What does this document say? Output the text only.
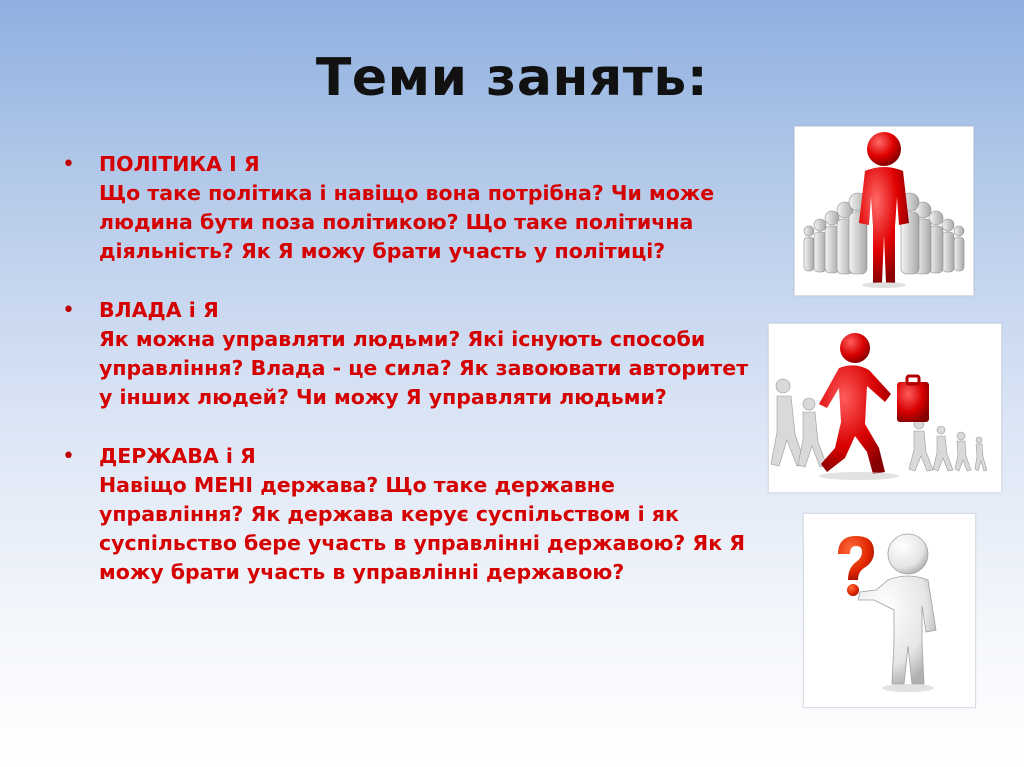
Теми занять:
• ПОЛІТИКА І Я
Що таке політика і навіщо вона потрібна? Чи може людина бути поза політикою? Що таке політична діяльність? Як Я можу брати участь у політиці?
• ВЛАДА і Я
Як можна управляти людьми? Які існують способи управління? Влада - це сила? Як завоювати авторитет у інших людей? Чи можу Я управляти людьми?
• ДЕРЖАВА і Я
Навіщо МЕНІ держава? Що таке державне управління? Як держава керує суспільством і як суспільство бере участь в управлінні державою? Як Я можу брати участь в управлінні державою?
